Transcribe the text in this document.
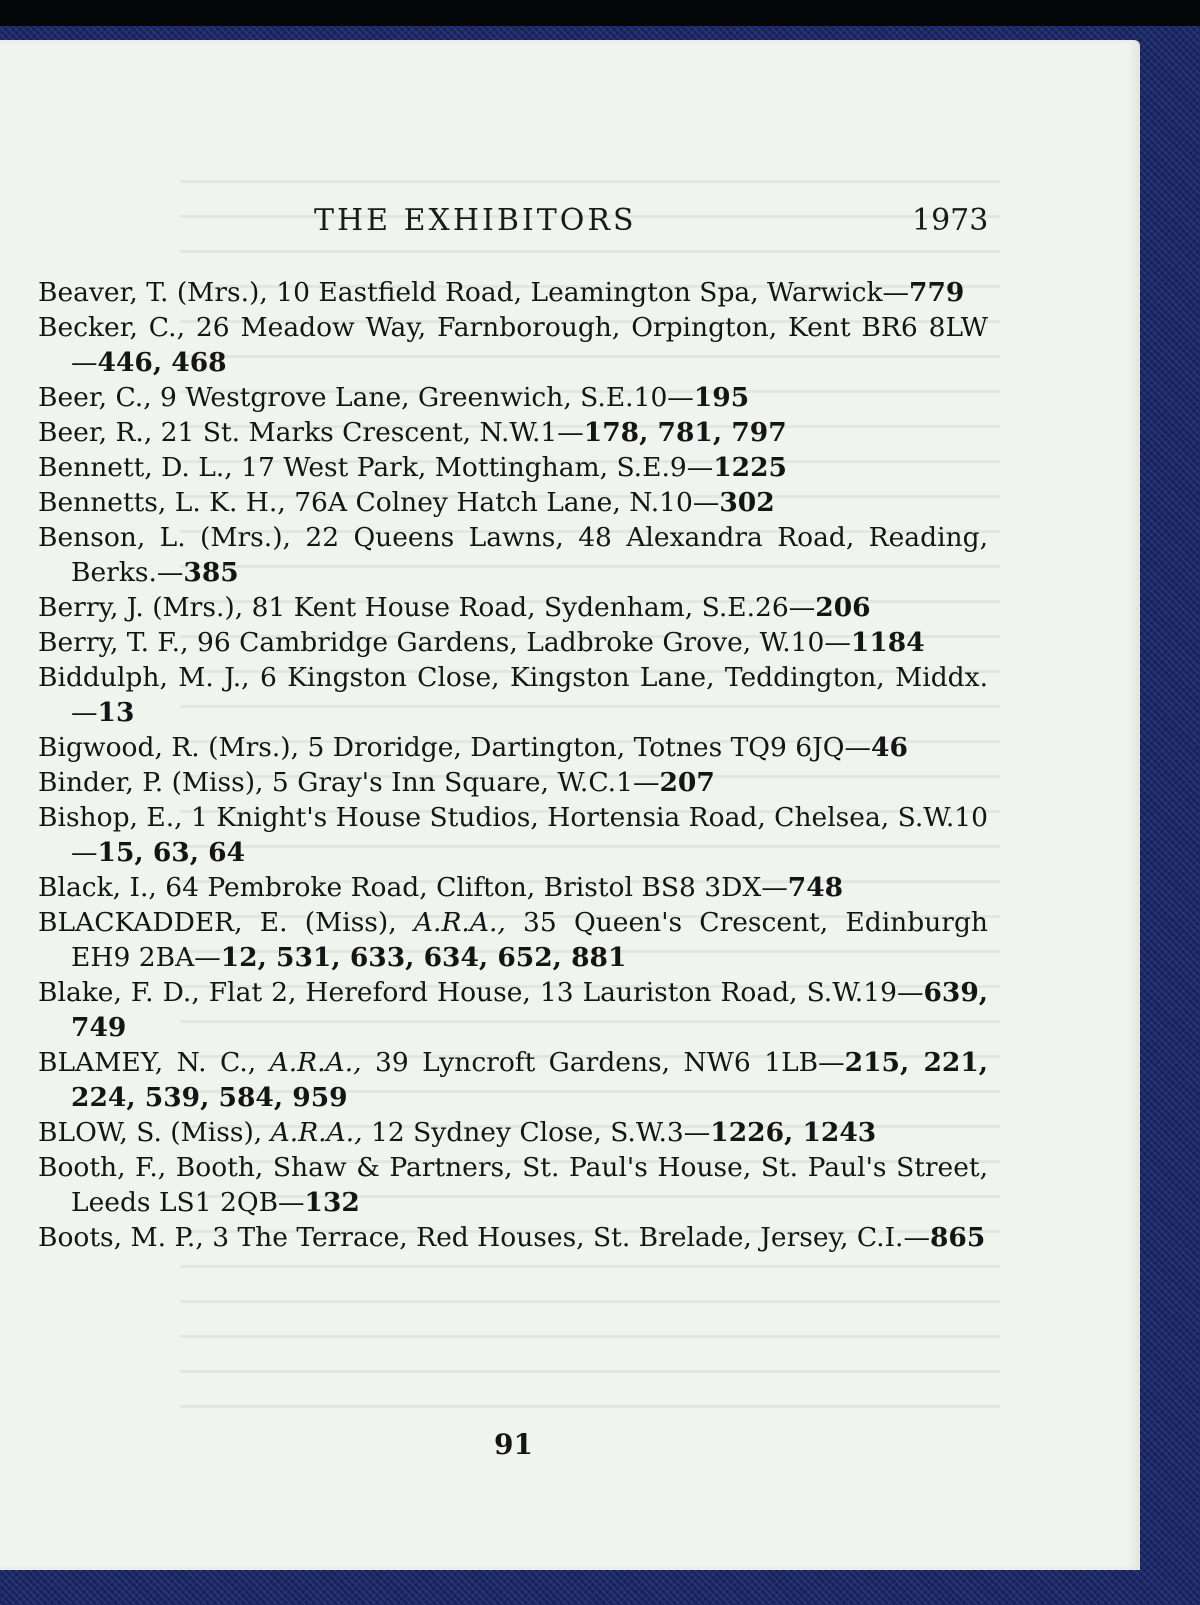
THE EXHIBITORS	1973
Beaver, T. (Mrs.), 10 Eastfield Road, Leamington Spa, Warwick—779
Becker, C., 26 Meadow Way, Farnborough, Orpington, Kent BR6 8LW—446, 468
Beer, C., 9 Westgrove Lane, Greenwich, S.E.10—195
Beer, R., 21 St. Marks Crescent, N.W.1—178, 781, 797
Bennett, D. L., 17 West Park, Mottingham, S.E.9—1225
Bennetts, L. K. H., 76A Colney Hatch Lane, N.10—302
Benson, L. (Mrs.), 22 Queens Lawns, 48 Alexandra Road, Reading, Berks.—385
Berry, J. (Mrs.), 81 Kent House Road, Sydenham, S.E.26—206
Berry, T. F., 96 Cambridge Gardens, Ladbroke Grove, W.10—1184
Biddulph, M. J., 6 Kingston Close, Kingston Lane, Teddington, Middx.—13
Bigwood, R. (Mrs.), 5 Droridge, Dartington, Totnes TQ9 6JQ—46
Binder, P. (Miss), 5 Gray's Inn Square, W.C.1—207
Bishop, E., 1 Knight's House Studios, Hortensia Road, Chelsea, S.W.10—15, 63, 64
Black, I., 64 Pembroke Road, Clifton, Bristol BS8 3DX—748
BLACKADDER, E. (Miss), A.R.A., 35 Queen's Crescent, Edinburgh EH9 2BA—12, 531, 633, 634, 652, 881
Blake, F. D., Flat 2, Hereford House, 13 Lauriston Road, S.W.19—639, 749
BLAMEY, N. C., A.R.A., 39 Lyncroft Gardens, NW6 1LB—215, 221, 224, 539, 584, 959
BLOW, S. (Miss), A.R.A., 12 Sydney Close, S.W.3—1226, 1243
Booth, F., Booth, Shaw & Partners, St. Paul's House, St. Paul's Street, Leeds LS1 2QB—132
Boots, M. P., 3 The Terrace, Red Houses, St. Brelade, Jersey, C.I.—865
91
